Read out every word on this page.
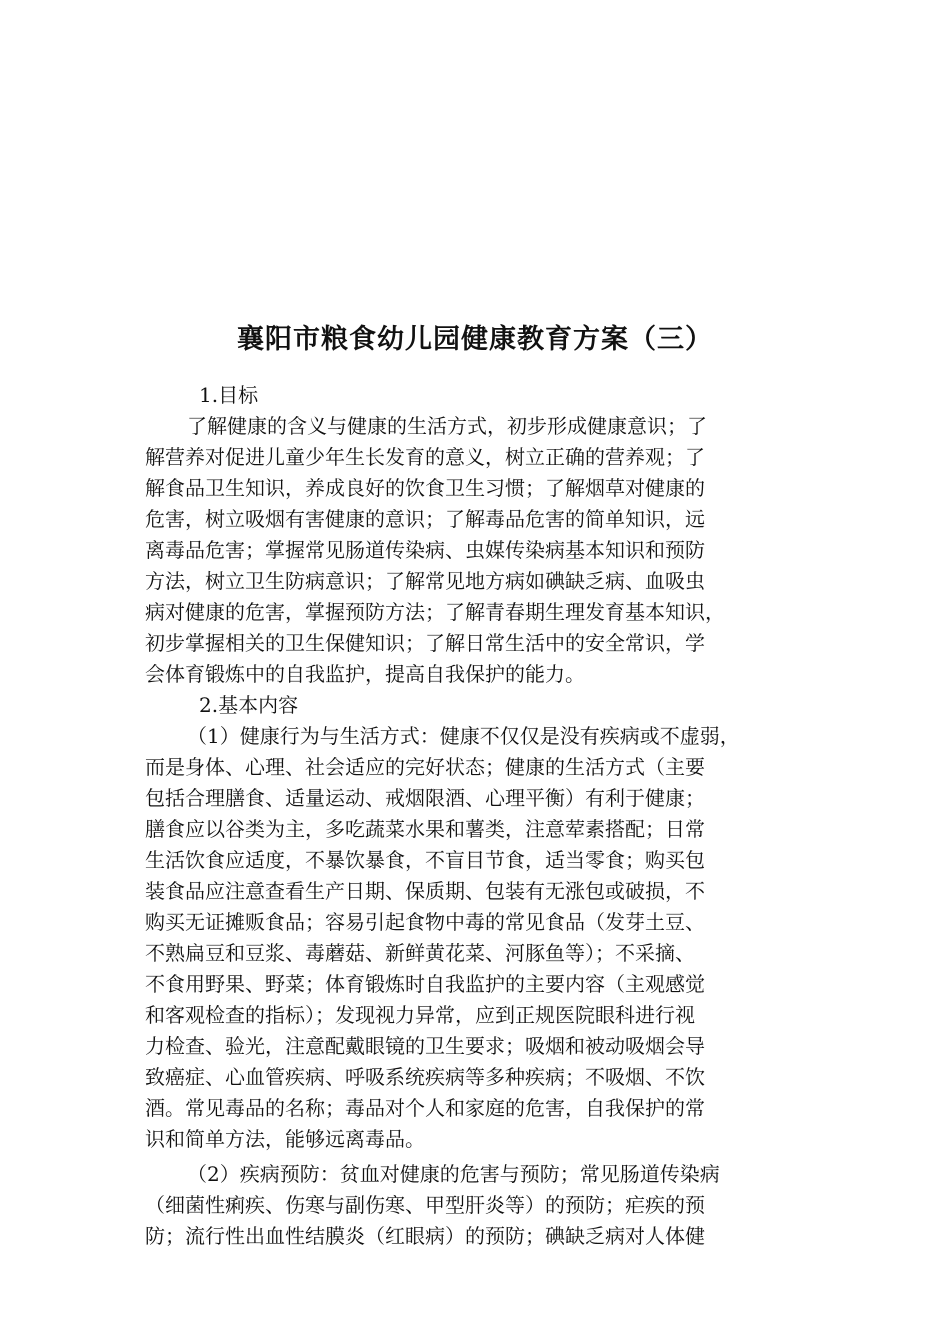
襄阳市粮食幼儿园健康教育方案（三）

1.目标

了解健康的含义与健康的生活方式，初步形成健康意识；了

解营养对促进儿童少年生长发育的意义，树立正确的营养观；了

解食品卫生知识，养成良好的饮食卫生习惯；了解烟草对健康的

危害，树立吸烟有害健康的意识；了解毒品危害的简单知识，远

离毒品危害；掌握常见肠道传染病、虫媒传染病基本知识和预防

方法，树立卫生防病意识；了解常见地方病如碘缺乏病、血吸虫

病对健康的危害，掌握预防方法；了解青春期生理发育基本知识，

初步掌握相关的卫生保健知识；了解日常生活中的安全常识，学

会体育锻炼中的自我监护，提高自我保护的能力。

2.基本内容

（1）健康行为与生活方式：健康不仅仅是没有疾病或不虚弱，

而是身体、心理、社会适应的完好状态；健康的生活方式（主要

包括合理膳食、适量运动、戒烟限酒、心理平衡）有利于健康；

膳食应以谷类为主，多吃蔬菜水果和薯类，注意荤素搭配；日常

生活饮食应适度，不暴饮暴食，不盲目节食，适当零食；购买包

装食品应注意查看生产日期、保质期、包装有无涨包或破损，不

购买无证摊贩食品；容易引起食物中毒的常见食品（发芽土豆、

不熟扁豆和豆浆、毒蘑菇、新鲜黄花菜、河豚鱼等）；不采摘、

不食用野果、野菜；体育锻炼时自我监护的主要内容（主观感觉

和客观检查的指标）；发现视力异常，应到正规医院眼科进行视

力检查、验光，注意配戴眼镜的卫生要求；吸烟和被动吸烟会导

致癌症、心血管疾病、呼吸系统疾病等多种疾病；不吸烟、不饮

酒。常见毒品的名称；毒品对个人和家庭的危害，自我保护的常

识和简单方法，能够远离毒品。

（2）疾病预防：贫血对健康的危害与预防；常见肠道传染病

（细菌性痢疾、伤寒与副伤寒、甲型肝炎等）的预防；疟疾的预

防；流行性出血性结膜炎（红眼病）的预防；碘缺乏病对人体健
